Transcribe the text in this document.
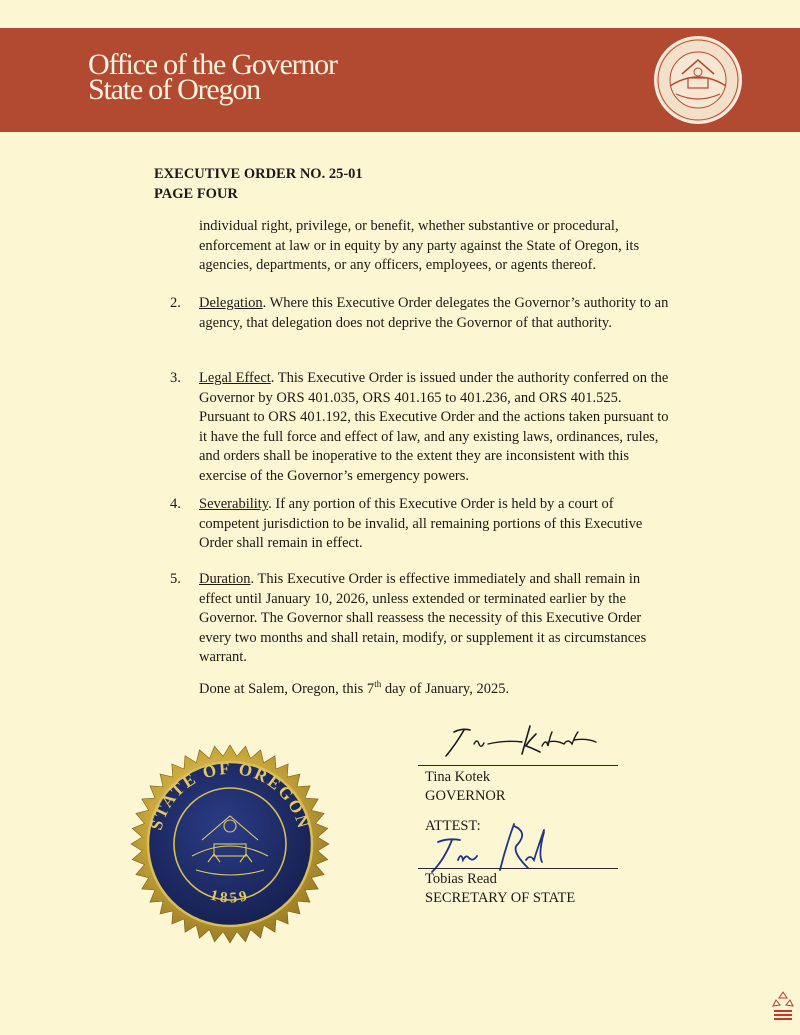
Office of the Governor
State of Oregon
EXECUTIVE ORDER NO. 25-01
PAGE FOUR
individual right, privilege, or benefit, whether substantive or procedural, enforcement at law or in equity by any party against the State of Oregon, its agencies, departments, or any officers, employees, or agents thereof.
2.	Delegation. Where this Executive Order delegates the Governor’s authority to an agency, that delegation does not deprive the Governor of that authority.
3.	Legal Effect. This Executive Order is issued under the authority conferred on the Governor by ORS 401.035, ORS 401.165 to 401.236, and ORS 401.525. Pursuant to ORS 401.192, this Executive Order and the actions taken pursuant to it have the full force and effect of law, and any existing laws, ordinances, rules, and orders shall be inoperative to the extent they are inconsistent with this exercise of the Governor’s emergency powers.
4.	Severability. If any portion of this Executive Order is held by a court of competent jurisdiction to be invalid, all remaining portions of this Executive Order shall remain in effect.
5.	Duration. This Executive Order is effective immediately and shall remain in effect until January 10, 2026, unless extended or terminated earlier by the Governor. The Governor shall reassess the necessity of this Executive Order every two months and shall retain, modify, or supplement it as circumstances warrant.
Done at Salem, Oregon, this 7th day of January, 2025.
Tina Kotek
GOVERNOR
ATTEST:
Tobias Read
SECRETARY OF STATE
STATE OF OREGON
1859
